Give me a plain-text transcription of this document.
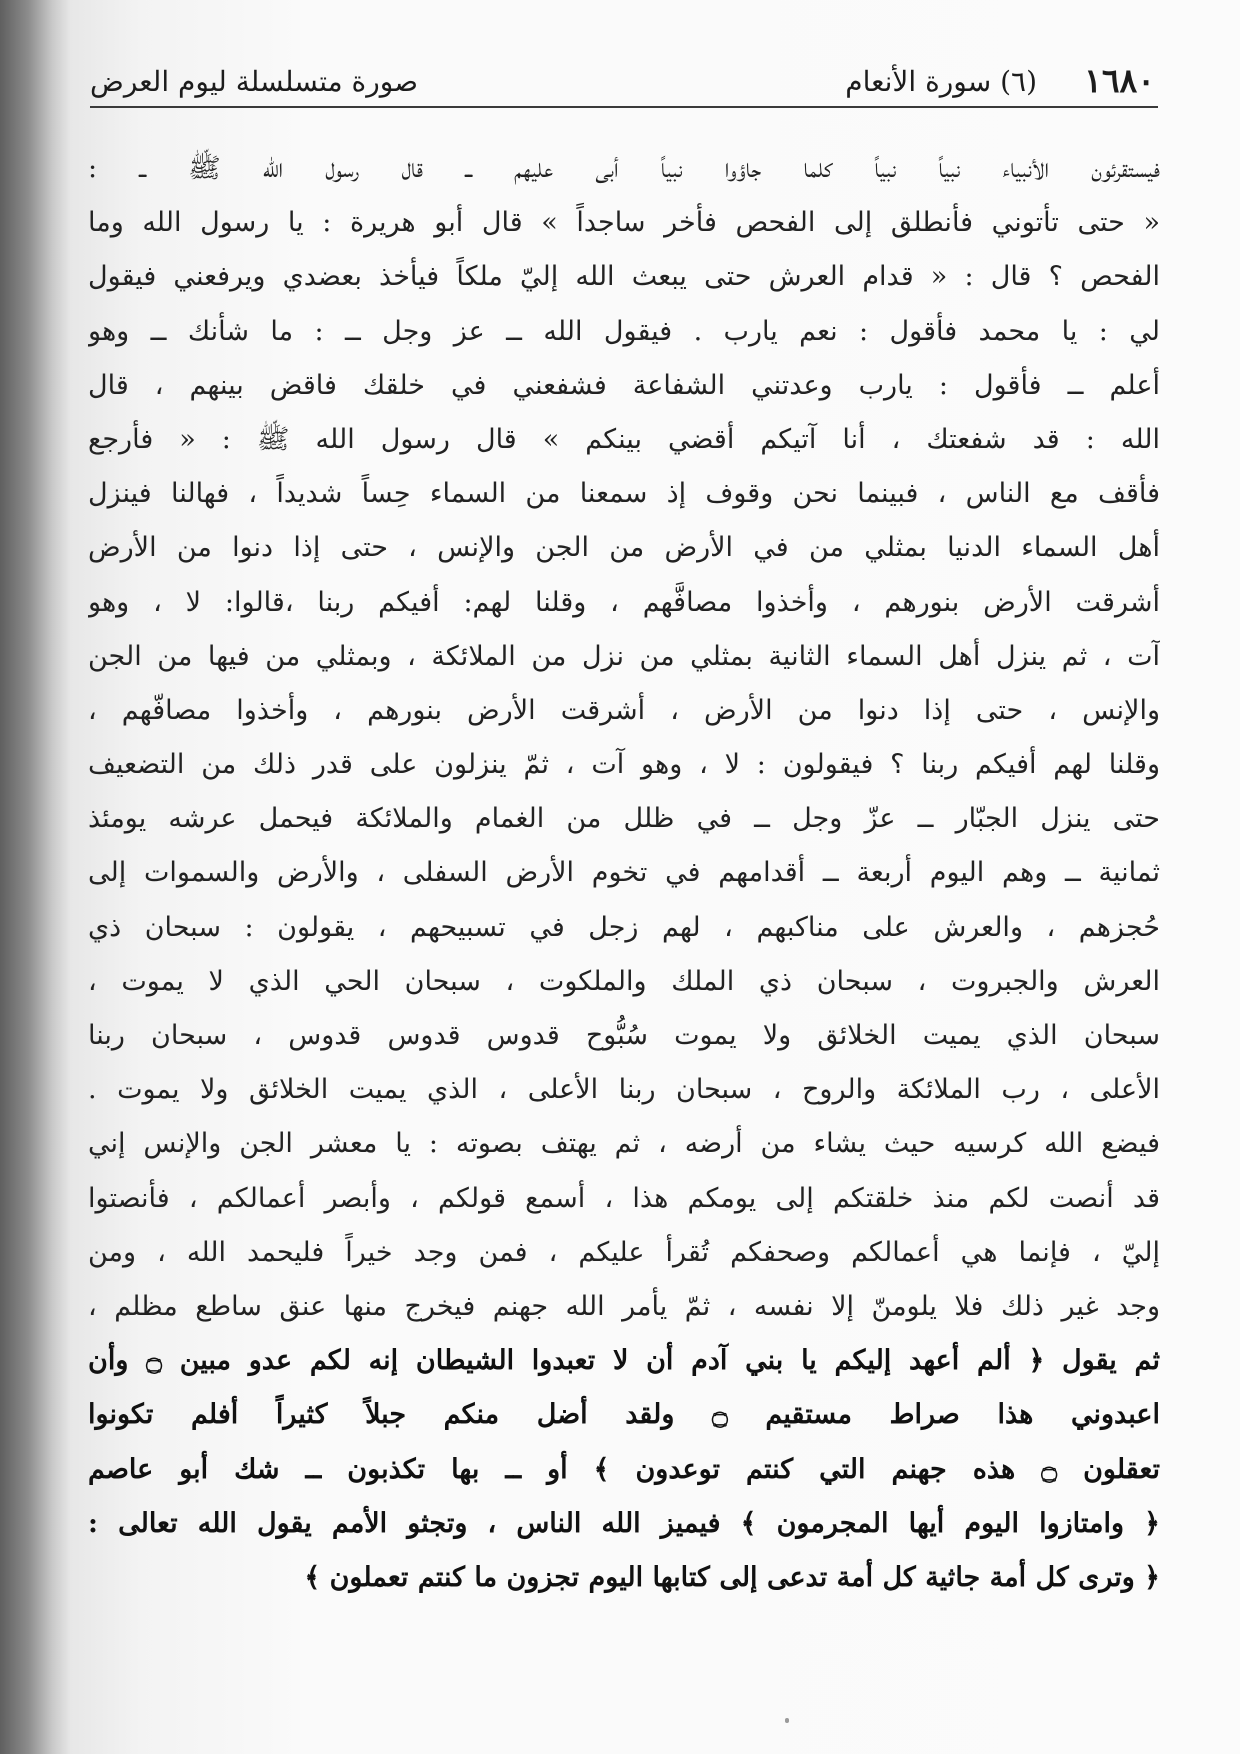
١٦٨٠
(٦) سورة الأنعام
صورة متسلسلة ليوم العرض
فيستقرئون الأنبياء نبياً نبياً كلما جاؤوا نبياً أبى عليهم ــ قال رسول الله ﷺ ــ :
« حتى تأتوني فأنطلق إلى الفحص فأخر ساجداً » قال أبو هريرة : يا رسول الله وما
الفحص ؟ قال : « قدام العرش حتى يبعث الله إليّ ملكاً فيأخذ بعضدي ويرفعني فيقول
لي : يا محمد فأقول : نعم يارب . فيقول الله ــ عز وجل ــ : ما شأنك ــ وهو
أعلم ــ فأقول : يارب وعدتني الشفاعة فشفعني في خلقك فاقض بينهم ، قال
الله : قد شفعتك ، أنا آتيكم أقضي بينكم » قال رسول الله ﷺ : « فأرجع
فأقف مع الناس ، فبينما نحن وقوف إذ سمعنا من السماء حِساً شديداً ، فهالنا فينزل
أهل السماء الدنيا بمثلي من في الأرض من الجن والإنس ، حتى إذا دنوا من الأرض
أشرقت الأرض بنورهم ، وأخذوا مصافَّهم ، وقلنا لهم: أفيكم ربنا ،قالوا: لا ، وهو
آت ، ثم ينزل أهل السماء الثانية بمثلي من نزل من الملائكة ، وبمثلي من فيها من الجن
والإنس ، حتى إذا دنوا من الأرض ، أشرقت الأرض بنورهم ، وأخذوا مصافّهم ،
وقلنا لهم أفيكم ربنا ؟ فيقولون : لا ، وهو آت ، ثمّ ينزلون على قدر ذلك من التضعيف
حتى ينزل الجبّار ــ عزّ وجل ــ في ظلل من الغمام والملائكة فيحمل عرشه يومئذ
ثمانية ــ وهم اليوم أربعة ــ أقدامهم في تخوم الأرض السفلى ، والأرض والسموات إلى
حُجزهم ، والعرش على مناكبهم ، لهم زجل في تسبيحهم ، يقولون : سبحان ذي
العرش والجبروت ، سبحان ذي الملك والملكوت ، سبحان الحي الذي لا يموت ،
سبحان الذي يميت الخلائق ولا يموت سُبُّوح قدوس قدوس قدوس ، سبحان ربنا
الأعلى ، رب الملائكة والروح ، سبحان ربنا الأعلى ، الذي يميت الخلائق ولا يموت .
فيضع الله كرسيه حيث يشاء من أرضه ، ثم يهتف بصوته : يا معشر الجن والإنس إني
قد أنصت لكم منذ خلقتكم إلى يومكم هذا ، أسمع قولكم ، وأبصر أعمالكم ، فأنصتوا
إليّ ، فإنما هي أعمالكم وصحفكم تُقرأ عليكم ، فمن وجد خيراً فليحمد الله ، ومن
وجد غير ذلك فلا يلومنّ إلا نفسه ، ثمّ يأمر الله جهنم فيخرج منها عنق ساطع مظلم ،
ثم يقول ﴿ ألم أعهد إليكم يا بني آدم أن لا تعبدوا الشيطان إنه لكم عدو مبين ۝ وأن
اعبدوني هذا صراط مستقيم ۝ ولقد أضل منكم جبلاً كثيراً أفلم تكونوا
تعقلون ۝ هذه جهنم التي كنتم توعدون ﴾ أو ــ بها تكذبون ــ شك أبو عاصم
﴿ وامتازوا اليوم أيها المجرمون ﴾ فيميز الله الناس ، وتجثو الأمم يقول الله تعالى :
﴿ وترى كل أمة جاثية كل أمة تدعى إلى كتابها اليوم تجزون ما كنتم تعملون ﴾
